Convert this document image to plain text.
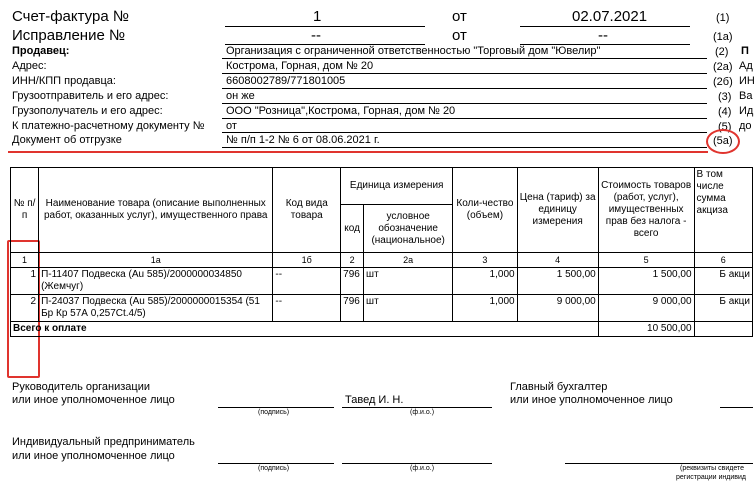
Счет-фактура №	1	от	02.07.2021	(1)
Исправление №	--	от	--	(1а)
Продавец:	Организация с ограниченной ответственностью "Торговый дом "Ювелир"	(2) П
Адрес:	Кострома, Горная, дом № 20	(2а) Ад
ИНН/КПП продавца:	6608002789/771801005	(2б) ИН
Грузоотправитель и его адрес:	он же	(3) Ва
Грузополучатель и его адрес:	ООО "Розница",Кострома, Горная, дом № 20	(4) Ид
К платежно-расчетному документу № от	(5) до
Документ об отгрузке	№ п/п 1-2 № 6 от 08.06.2021 г.	(5а)
№ п/п	Наименование товара (описание выполненных работ, оказанных услуг), имущественного права	Код вида товара	Единица измерения		Коли-чество (объем)	Цена (тариф) за единицу измерения	Стоимость товаров (работ, услуг), имущественных прав без налога - всего	В том числе сумма акциза
			код	условное обозначение (национальное)				
1	1а	1б	2	2а	3	4	5	6
1	П-11407 Подвеска (Au 585)/2000000034850 (Жемчуг)	--	796	шт	1,000	1 500,00	1 500,00	Б акци
2	П-24037 Подвеска (Au 585)/2000000015354 (51 Бр Кр 57А 0,257Ct.4/5)	--	796	шт	1,000	9 000,00	9 000,00	Б акци
Всего к оплате							10 500,00	
Руководитель организации
или иное уполномоченное лицо
(подпись)
Тавед И. Н.
(ф.и.о.)
Главный бухгалтер
или иное уполномоченное лицо
Индивидуальный предприниматель
или иное уполномоченное лицо
(подпись)	(ф.и.о.)	(реквизиты свидете
регистрации индивид
